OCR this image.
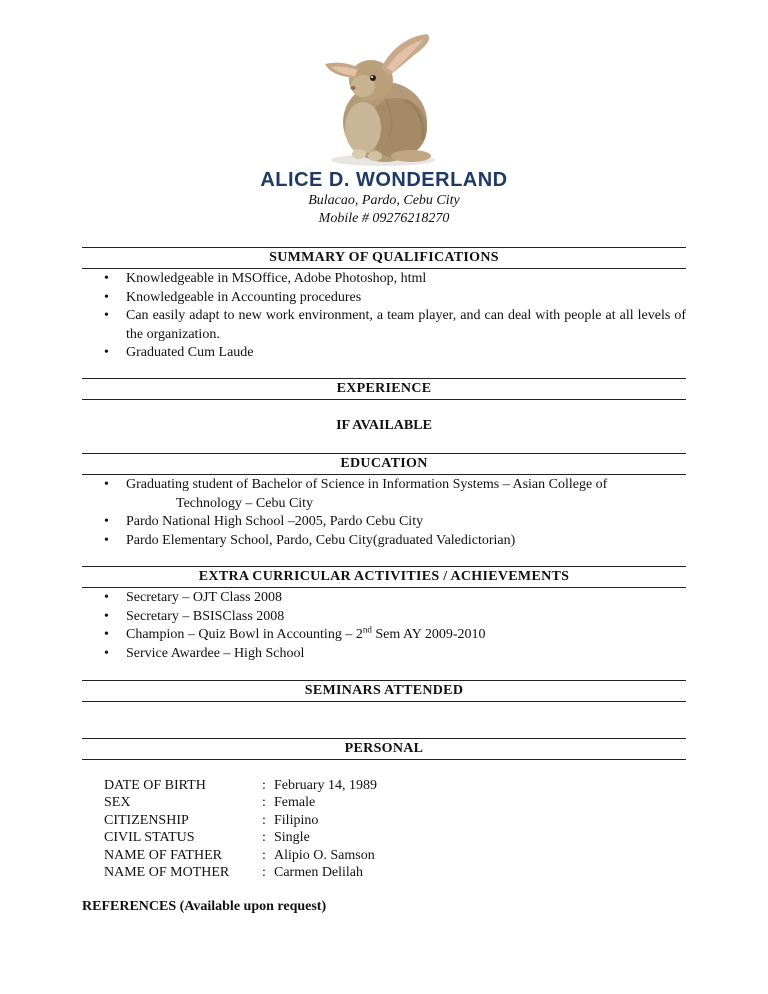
ALICE D. WONDERLAND
Bulacao, Pardo, Cebu City
Mobile # 09276218270
SUMMARY OF QUALIFICATIONS
• Knowledgeable in MSOffice, Adobe Photoshop, html
• Knowledgeable in Accounting procedures
• Can easily adapt to new work environment, a team player, and can deal with people at all levels of the organization.
• Graduated Cum Laude
EXPERIENCE
IF AVAILABLE
EDUCATION
• Graduating student of Bachelor of Science in Information Systems – Asian College of
Technology – Cebu City
• Pardo National High School –2005, Pardo Cebu City
• Pardo Elementary School, Pardo, Cebu City(graduated Valedictorian)
EXTRA CURRICULAR ACTIVITIES / ACHIEVEMENTS
• Secretary – OJT Class 2008
• Secretary – BSISClass 2008
• Champion – Quiz Bowl in Accounting – 2nd Sem AY 2009-2010
• Service Awardee – High School
SEMINARS ATTENDED
PERSONAL
DATE OF BIRTH	:	February 14, 1989
SEX	:	Female
CITIZENSHIP	:	Filipino
CIVIL STATUS	:	Single
NAME OF FATHER	:	Alipio O. Samson
NAME OF MOTHER	:	Carmen Delilah
REFERENCES (Available upon request)
